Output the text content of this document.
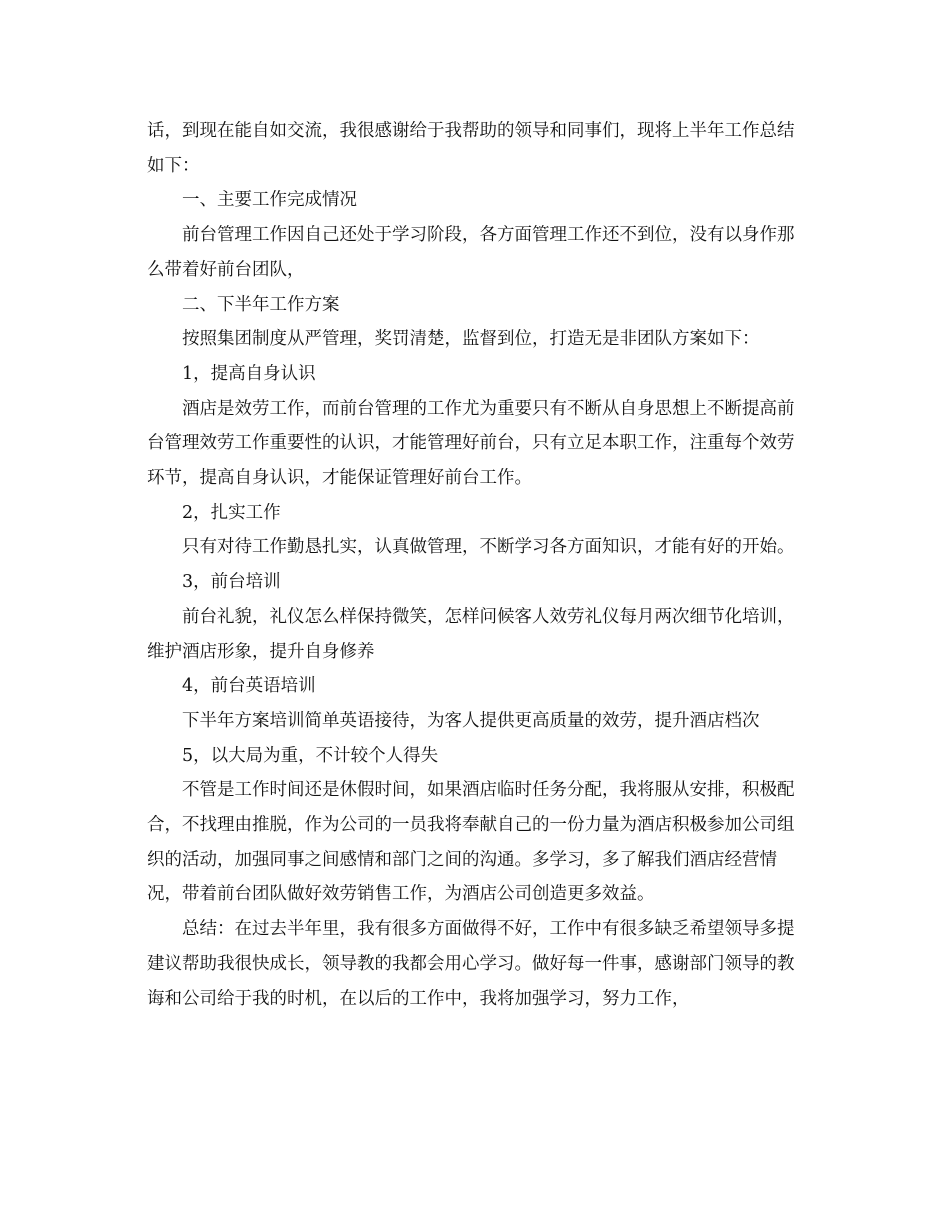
话，到现在能自如交流，我很感谢给于我帮助的领导和同事们，现将上半年工作总结如下：

一、主要工作完成情况

前台管理工作因自己还处于学习阶段，各方面管理工作还不到位，没有以身作那么带着好前台团队，

二、下半年工作方案

按照集团制度从严管理，奖罚清楚，监督到位，打造无是非团队方案如下：

1，提高自身认识

酒店是效劳工作，而前台管理的工作尤为重要只有不断从自身思想上不断提高前台管理效劳工作重要性的认识，才能管理好前台，只有立足本职工作，注重每个效劳环节，提高自身认识，才能保证管理好前台工作。

2，扎实工作

只有对待工作勤恳扎实，认真做管理，不断学习各方面知识，才能有好的开始。

3，前台培训

前台礼貌，礼仪怎么样保持微笑，怎样问候客人效劳礼仪每月两次细节化培训，维护酒店形象，提升自身修养

4，前台英语培训

下半年方案培训简单英语接待，为客人提供更高质量的效劳，提升酒店档次

5，以大局为重，不计较个人得失

不管是工作时间还是休假时间，如果酒店临时任务分配，我将服从安排，积极配合，不找理由推脱，作为公司的一员我将奉献自己的一份力量为酒店积极参加公司组织的活动，加强同事之间感情和部门之间的沟通。多学习，多了解我们酒店经营情况，带着前台团队做好效劳销售工作，为酒店公司创造更多效益。

总结：在过去半年里，我有很多方面做得不好，工作中有很多缺乏希望领导多提建议帮助我很快成长，领导教的我都会用心学习。做好每一件事，感谢部门领导的教诲和公司给于我的时机，在以后的工作中，我将加强学习，努力工作，
